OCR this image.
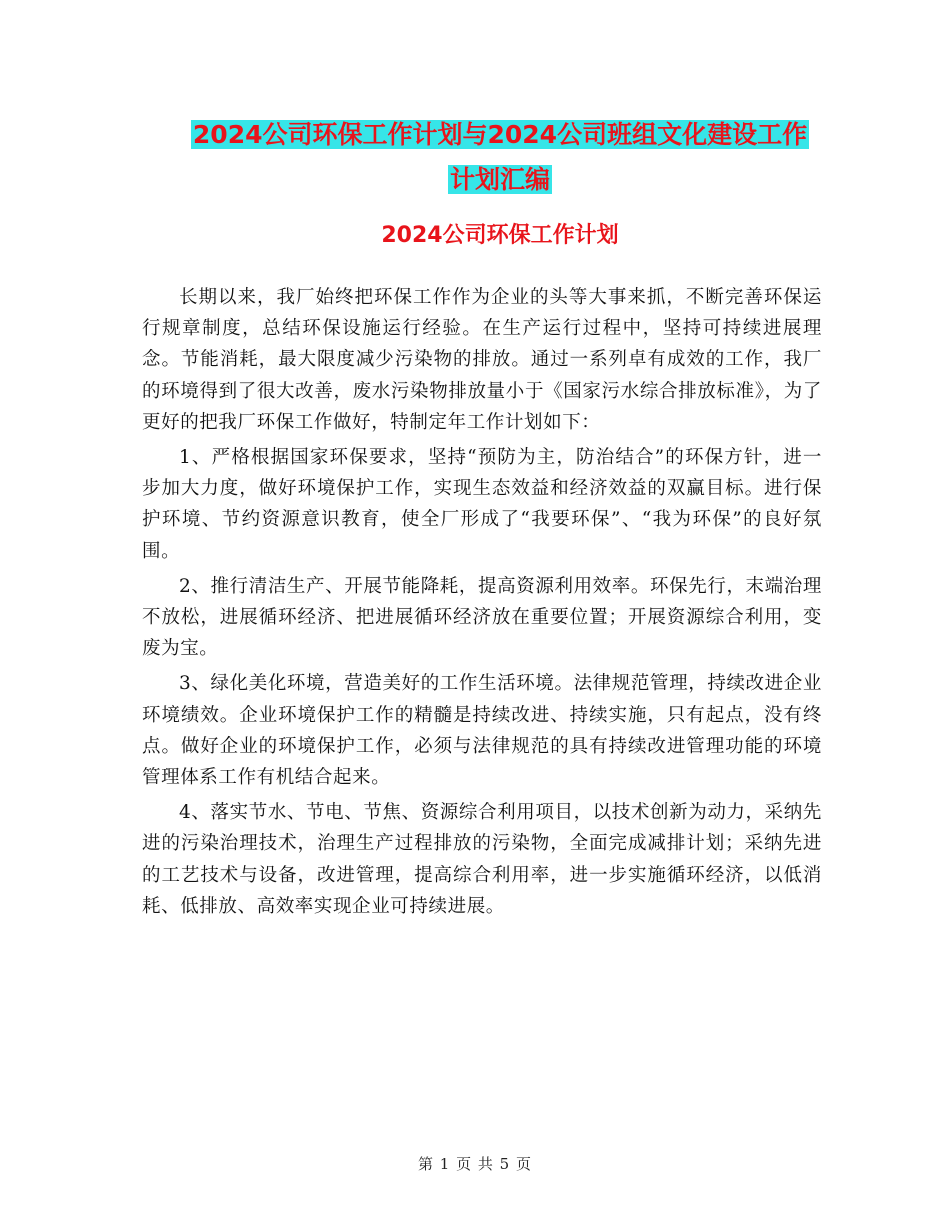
2024公司环保工作计划与2024公司班组文化建设工作
计划汇编
2024公司环保工作计划

长期以来，我厂始终把环保工作作为企业的头等大事来抓，不断完善环保运行规章制度，总结环保设施运行经验。在生产运行过程中，坚持可持续进展理念。节能消耗，最大限度减少污染物的排放。通过一系列卓有成效的工作，我厂的环境得到了很大改善，废水污染物排放量小于《国家污水综合排放标准》，为了更好的把我厂环保工作做好，特制定年工作计划如下：

1、严格根据国家环保要求，坚持“预防为主，防治结合”的环保方针，进一步加大力度，做好环境保护工作，实现生态效益和经济效益的双赢目标。进行保护环境、节约资源意识教育，使全厂形成了“我要环保”、“我为环保”的良好氛围。

2、推行清洁生产、开展节能降耗，提高资源利用效率。环保先行，末端治理不放松，进展循环经济、把进展循环经济放在重要位置；开展资源综合利用，变废为宝。

3、绿化美化环境，营造美好的工作生活环境。法律规范管理，持续改进企业环境绩效。企业环境保护工作的精髓是持续改进、持续实施，只有起点，没有终点。做好企业的环境保护工作，必须与法律规范的具有持续改进管理功能的环境管理体系工作有机结合起来。

4、落实节水、节电、节焦、资源综合利用项目，以技术创新为动力，采纳先进的污染治理技术，治理生产过程排放的污染物，全面完成减排计划；采纳先进的工艺技术与设备，改进管理，提高综合利用率，进一步实施循环经济，以低消耗、低排放、高效率实现企业可持续进展。

第 1 页 共 5 页
